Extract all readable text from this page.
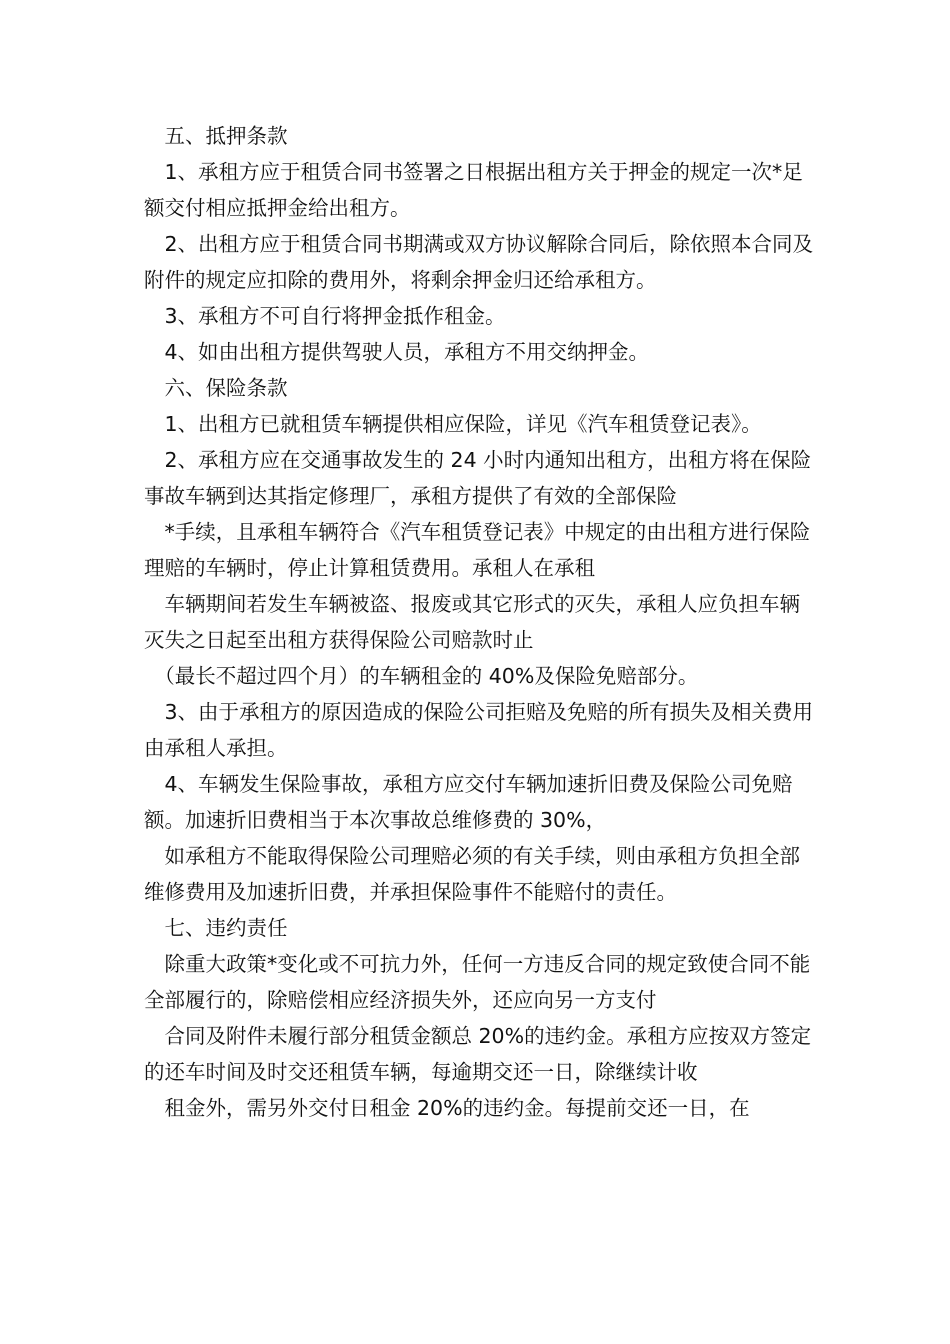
　五、抵押条款

　1、承租方应于租赁合同书签署之日根据出租方关于押金的规定一次*足额交付相应抵押金给出租方。

　2、出租方应于租赁合同书期满或双方协议解除合同后，除依照本合同及附件的规定应扣除的费用外，将剩余押金归还给承租方。

　3、承租方不可自行将押金抵作租金。

　4、如由出租方提供驾驶人员，承租方不用交纳押金。

　六、保险条款

　1、出租方已就租赁车辆提供相应保险，详见《汽车租赁登记表》。

　2、承租方应在交通事故发生的 24 小时内通知出租方，出租方将在保险事故车辆到达其指定修理厂，承租方提供了有效的全部保险

　*手续，且承租车辆符合《汽车租赁登记表》中规定的由出租方进行保险理赔的车辆时，停止计算租赁费用。承租人在承租

　车辆期间若发生车辆被盗、报废或其它形式的灭失，承租人应负担车辆灭失之日起至出租方获得保险公司赔款时止

　（最长不超过四个月）的车辆租金的 40%及保险免赔部分。

　3、由于承租方的原因造成的保险公司拒赔及免赔的所有损失及相关费用由承租人承担。

　4、车辆发生保险事故，承租方应交付车辆加速折旧费及保险公司免赔额。加速折旧费相当于本次事故总维修费的 30%，

　如承租方不能取得保险公司理赔必须的有关手续，则由承租方负担全部维修费用及加速折旧费，并承担保险事件不能赔付的责任。

　七、违约责任

　除重大政策*变化或不可抗力外，任何一方违反合同的规定致使合同不能全部履行的，除赔偿相应经济损失外，还应向另一方支付

　合同及附件未履行部分租赁金额总 20%的违约金。承租方应按双方签定的还车时间及时交还租赁车辆，每逾期交还一日，除继续计收

　租金外，需另外交付日租金 20%的违约金。每提前交还一日，在
